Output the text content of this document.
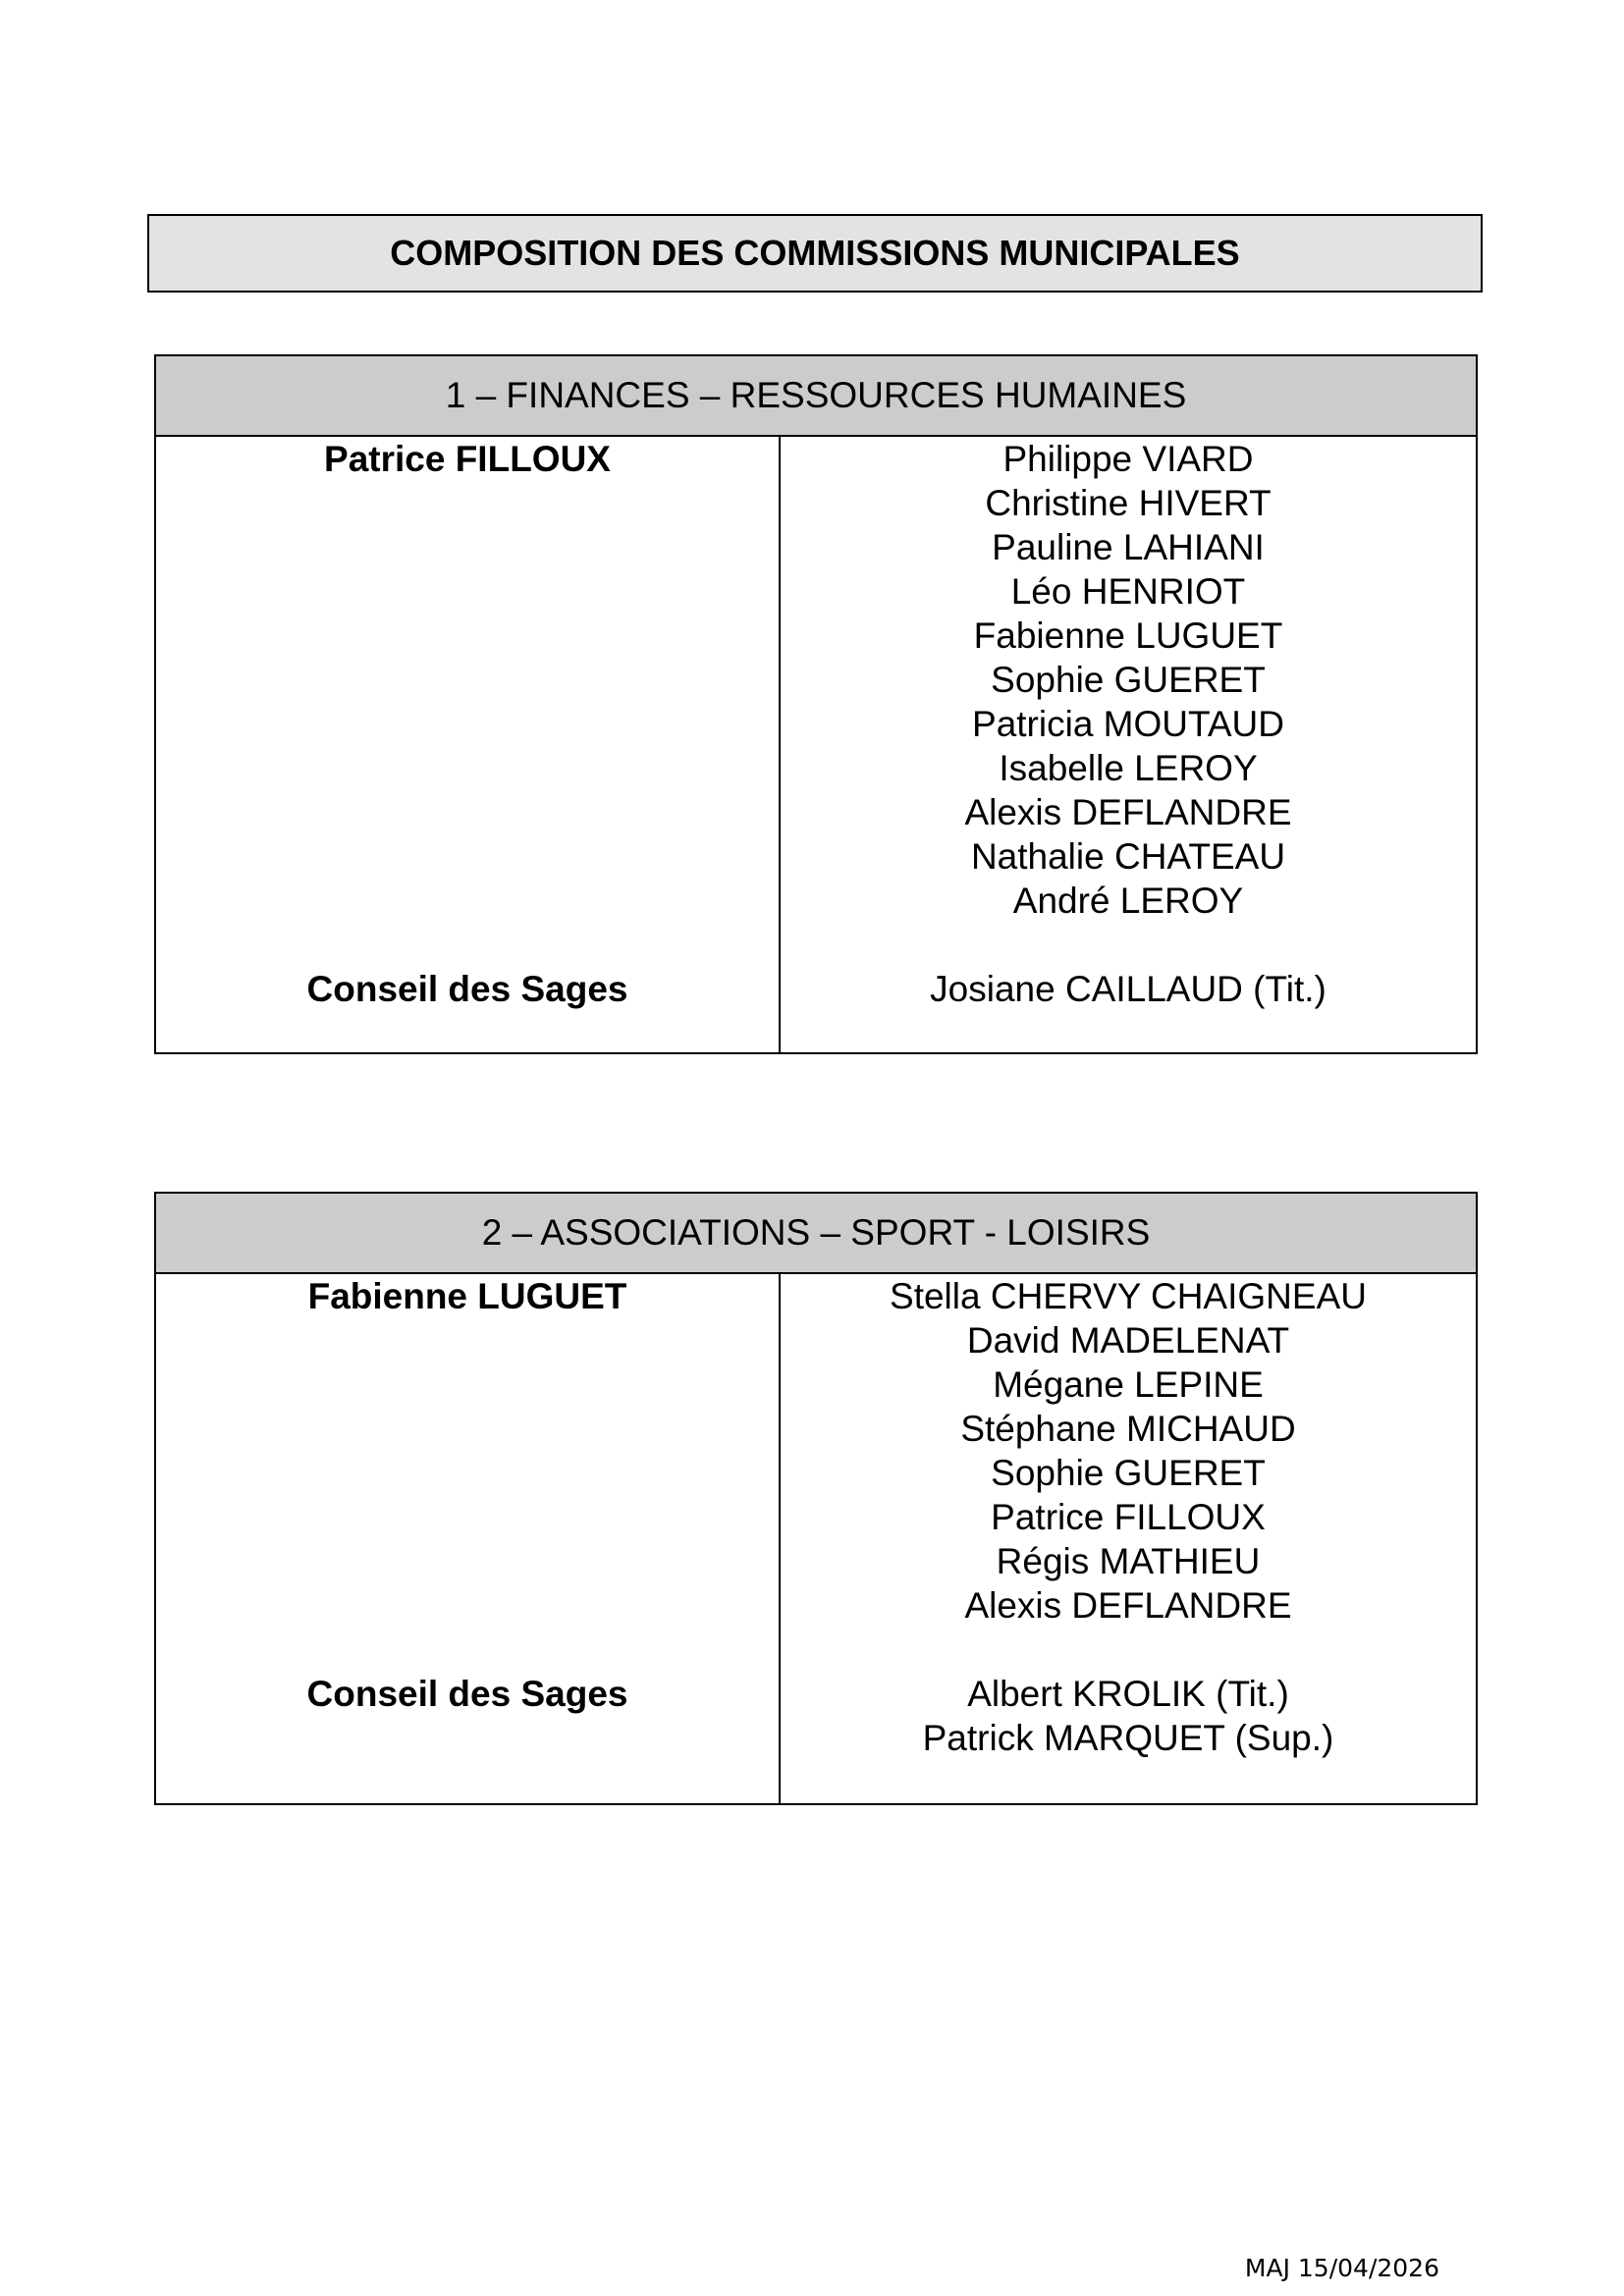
COMPOSITION DES COMMISSIONS MUNICIPALES
1 – FINANCES – RESSOURCES HUMAINES
Patrice FILLOUX
Conseil des Sages
Philippe VIARD
Christine HIVERT
Pauline LAHIANI
Léo HENRIOT
Fabienne LUGUET
Sophie GUERET
Patricia MOUTAUD
Isabelle LEROY
Alexis DEFLANDRE
Nathalie CHATEAU
André LEROY
Josiane CAILLAUD (Tit.)
2 – ASSOCIATIONS – SPORT - LOISIRS
Fabienne LUGUET
Conseil des Sages
Stella CHERVY CHAIGNEAU
David MADELENAT
Mégane LEPINE
Stéphane MICHAUD
Sophie GUERET
Patrice FILLOUX
Régis MATHIEU
Alexis DEFLANDRE
Albert KROLIK (Tit.)
Patrick MARQUET (Sup.)
MAJ 15/04/2026
